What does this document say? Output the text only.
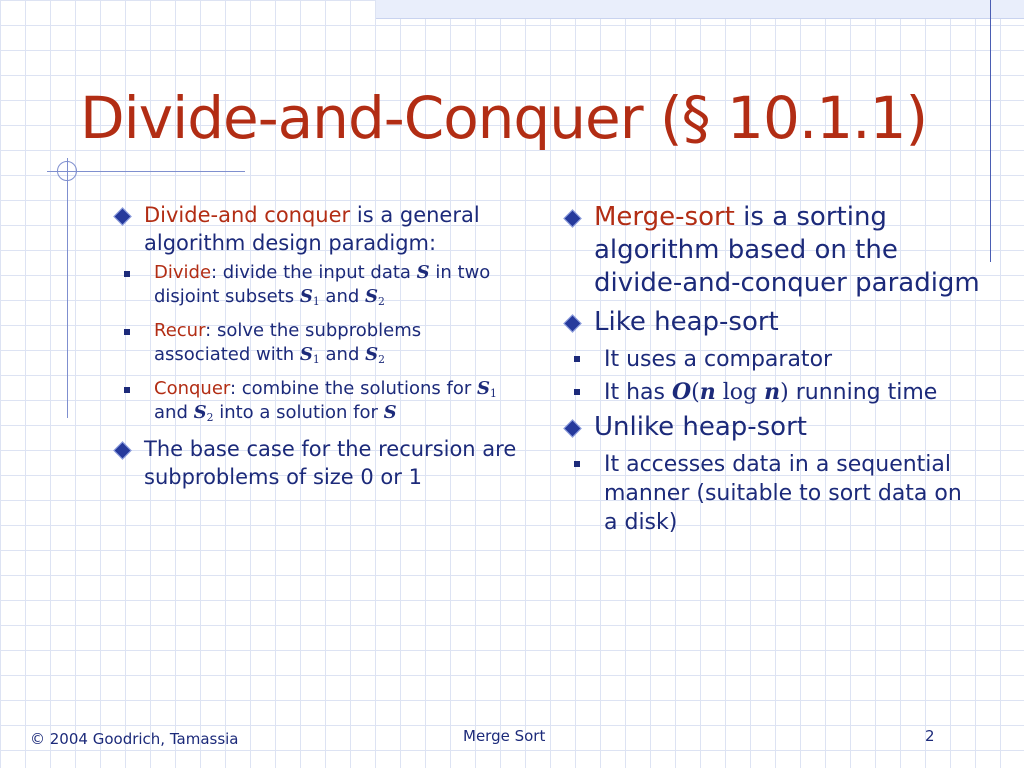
Divide-and-Conquer (§ 10.1.1)
Divide-and conquer is a general algorithm design paradigm:
Divide: divide the input data S in two disjoint subsets $S_1$ and $S_2$
Recur: solve the subproblems associated with $S_1$ and $S_2$
Conquer: combine the solutions for $S_1$ and $S_2$ into a solution for S
The base case for the recursion are subproblems of size 0 or 1
Merge-sort is a sorting algorithm based on the divide-and-conquer paradigm
Like heap-sort
It uses a comparator
It has O(n log n) running time
Unlike heap-sort
It accesses data in a sequential manner (suitable to sort data on a disk)
© 2004 Goodrich, Tamassia	Merge Sort	2
